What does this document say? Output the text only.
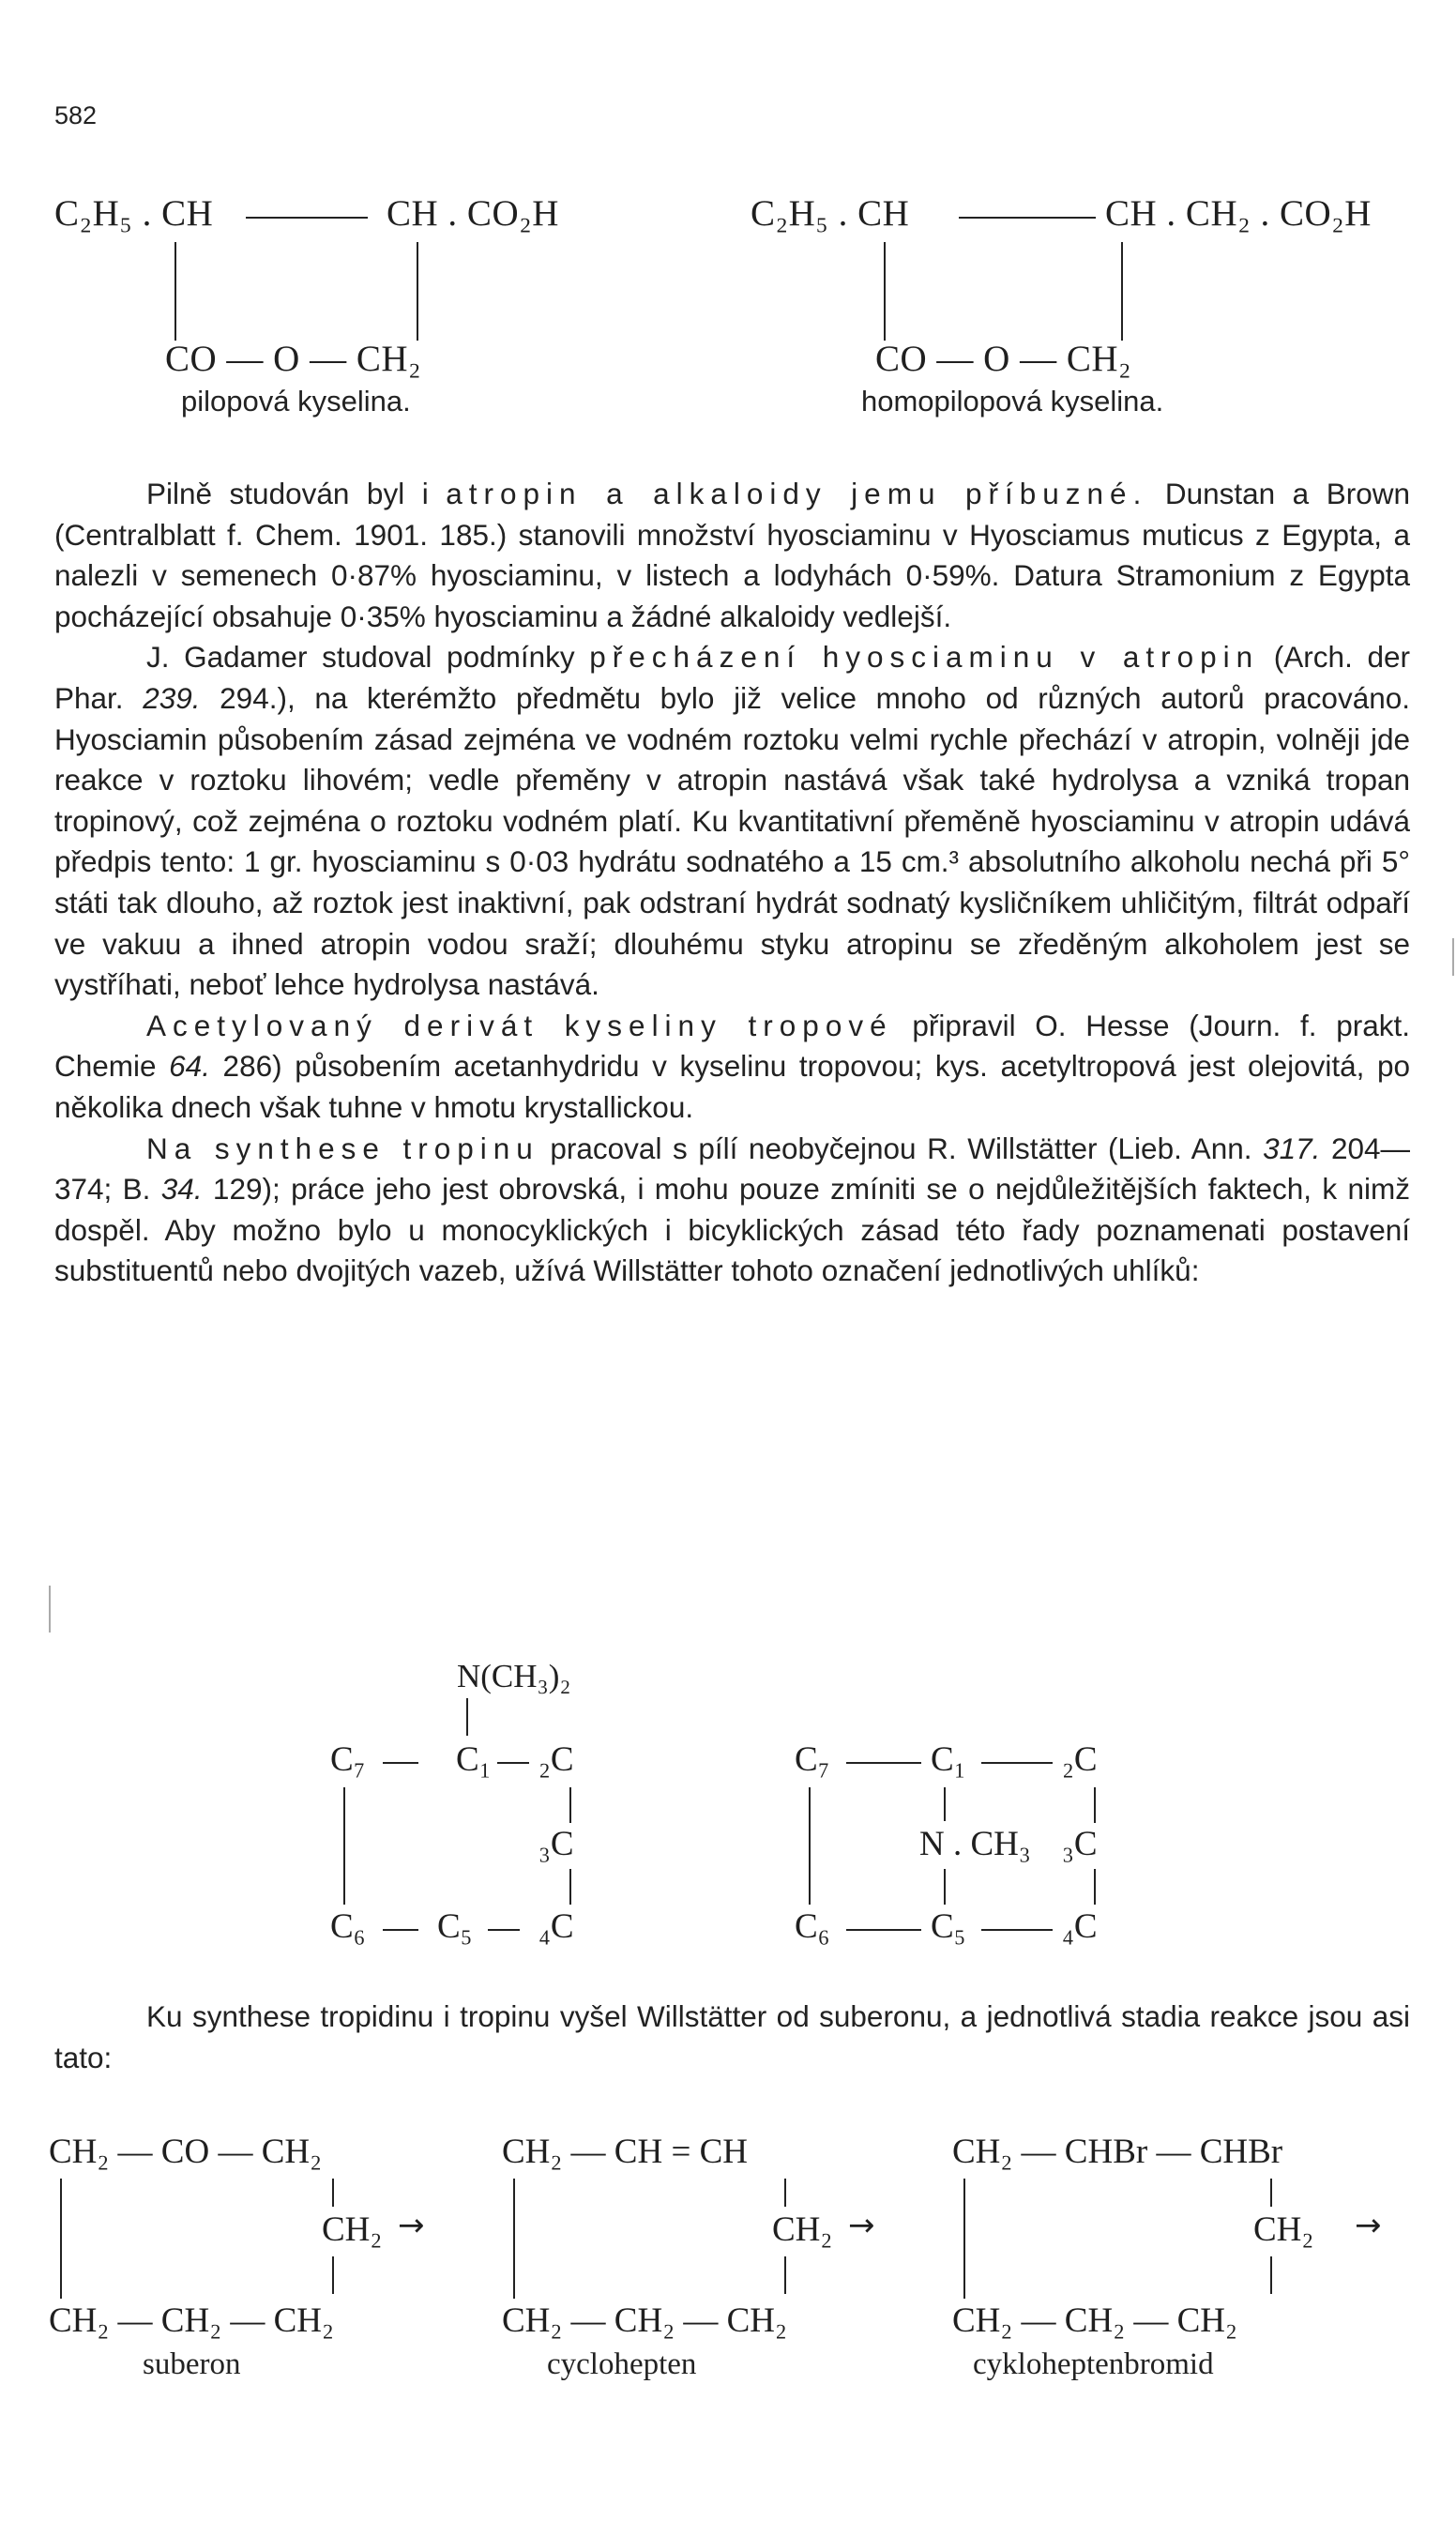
582
C₂H₅ . CH	CH . CO₂H
CO — O — CH₂
pilopová kyselina.
C₂H₅ . CH	CH . CH₂ . CO₂H
CO — O — CH₂
homopilopová kyselina.

Pilně studován byl i atropin a alkaloidy jemu příbuzné. Dunstan a Brown (Centralblatt f. Chem. 1901. 185.) stanovili množství hyosciaminu v Hyosciamus muticus z Egypta, a nalezli v semenech 0·87% hyosciaminu, v listech a lodyhách 0·59%. Datura Stramonium z Egypta pocházející obsahuje 0·35% hyosciaminu a žádné alkaloidy vedlejší.

J. Gadamer studoval podmínky přecházení hyosciaminu v atropin (Arch. der Phar. 239. 294.), na kterémžto předmětu bylo již velice mnoho od různých autorů pracováno. Hyosciamin působením zásad zejména ve vodném roztoku velmi rychle přechází v atropin, volněji jde reakce v roztoku lihovém; vedle přeměny v atropin nastává však také hydrolysa a vzniká tropan tropinový, což zejména o roztoku vodném platí. Ku kvantitativní přeměně hyosciaminu v atropin udává předpis tento: 1 gr. hyosciaminu s 0·03 hydrátu sodnatého a 15 cm.³ absolutního alkoholu nechá při 5° státi tak dlouho, až roztok jest inaktivní, pak odstraní hydrát sodnatý kysličníkem uhličitým, filtrát odpaří ve vakuu a ihned atropin vodou sraží; dlouhému styku atropinu se zředěným alkoholem jest se vystříhati, neboť lehce hydrolysa nastává.

Acetylovaný derivát kyseliny tropové připravil O. Hesse (Journ. f. prakt. Chemie 64. 286) působením acetanhydridu v kyselinu tropovou; kys. acetyltropová jest olejovitá, po několika dnech však tuhne v hmotu krystallickou.

Na synthese tropinu pracoval s pílí neobyčejnou R. Willstätter (Lieb. Ann. 317. 204—374; B. 34. 129); práce jeho jest obrovská, i mohu pouze zmíniti se o nejdůležitějších faktech, k nimž dospěl. Aby možno bylo u monocyklických i bicyklických zásad této řady poznamenati postavení substituentů nebo dvojitých vazeb, užívá Willstätter tohoto označení jednotlivých uhlíků:

N(CH₃)₂
C₇	C₁ ₂C
₃C
C₆ C₅ ₄C
C₇	C₁	₂C
N . CH₃ ₃C
C₆	C₅	₄C

Ku synthese tropidinu i tropinu vyšel Willstätter od suberonu, a jednotlivá stadia reakce jsou asi tato:

CH₂ — CO — CH₂
CH₂
CH₂ — CH₂ — CH₂
suberon
→
CH₂ — CH = CH
CH₂
CH₂ — CH₂ — CH₂
cyclohepten
→
CH₂ — CHBr — CHBr
CH₂
CH₂ — CH₂ — CH₂
cykloheptenbromid
→
